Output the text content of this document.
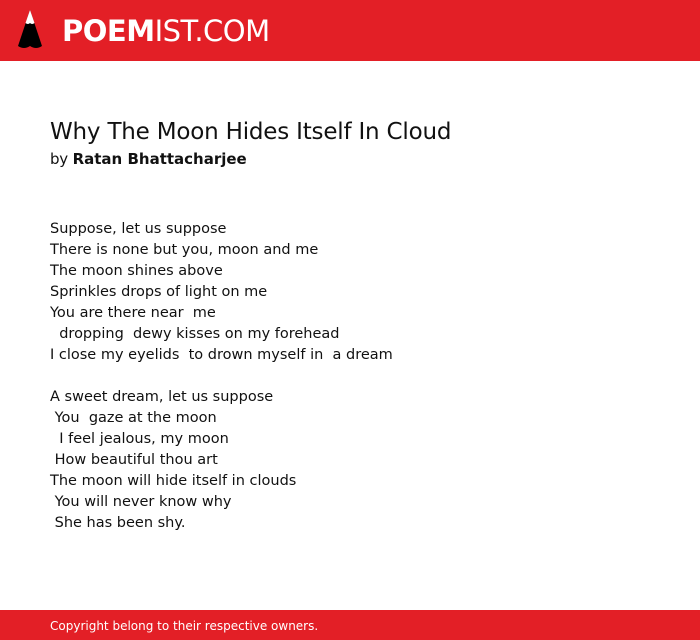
POEMIST.COM
Why The Moon Hides Itself In Cloud
by Ratan Bhattacharjee
Suppose, let us suppose
There is none but you, moon and me
The moon shines above
Sprinkles drops of light on me
You are there near  me
dropping  dewy kisses on my forehead
I close my eyelids  to drown myself in  a dream
A sweet dream, let us suppose
You  gaze at the moon
I feel jealous, my moon
How beautiful thou art
The moon will hide itself in clouds
You will never know why
She has been shy.
Copyright belong to their respective owners.
